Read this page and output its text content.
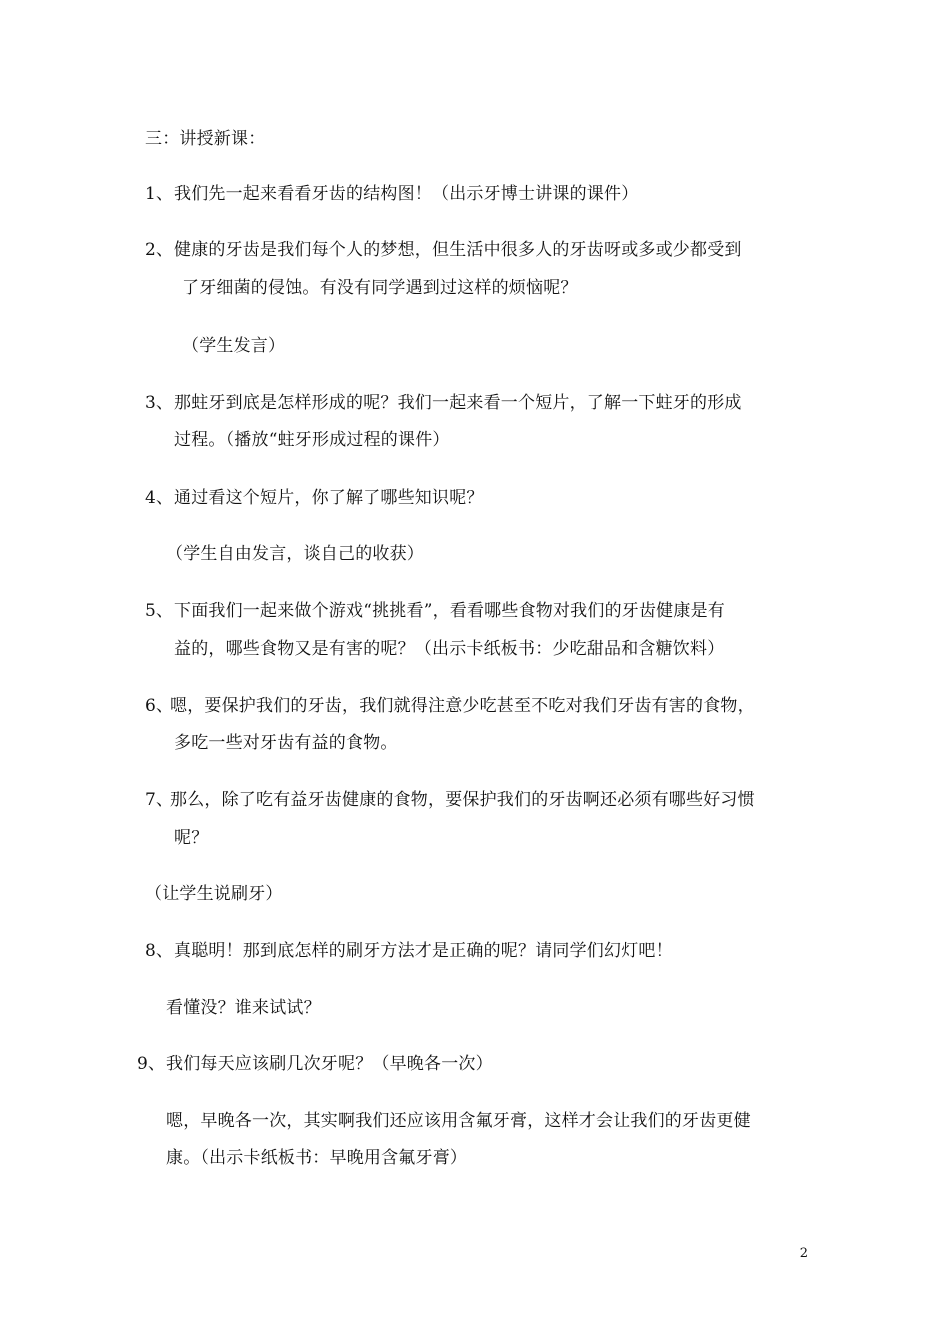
三：讲授新课：
1、 我们先一起来看看牙齿的结构图！（出示牙博士讲课的课件）
2、 健康的牙齿是我们每个人的梦想，但生活中很多人的牙齿呀或多或少都受到
了牙细菌的侵蚀。有没有同学遇到过这样的烦恼呢？
（学生发言）
3、 那蛀牙到底是怎样形成的呢？我们一起来看一个短片，了解一下蛀牙的形成
过程。（播放“蛀牙形成过程的课件）
4、 通过看这个短片，你了解了哪些知识呢？
（学生自由发言，谈自己的收获）
5、 下面我们一起来做个游戏“挑挑看”，看看哪些食物对我们的牙齿健康是有
益的，哪些食物又是有害的呢？（出示卡纸板书：少吃甜品和含糖饮料）
6、
嗯，要保护我们的牙齿，我们就得注意少吃甚至不吃对我们牙齿有害的食物，
多吃一些对牙齿有益的食物。
7、
那么，除了吃有益牙齿健康的食物，要保护我们的牙齿啊还必须有哪些好习惯
呢？
（让学生说刷牙）
8、 真聪明！那到底怎样的刷牙方法才是正确的呢？请同学们幻灯吧！
看懂没？谁来试试？
9、 我们每天应该刷几次牙呢？（早晚各一次）
嗯，早晚各一次，其实啊我们还应该用含氟牙膏，这样才会让我们的牙齿更健
康。（出示卡纸板书：早晚用含氟牙膏）
2
